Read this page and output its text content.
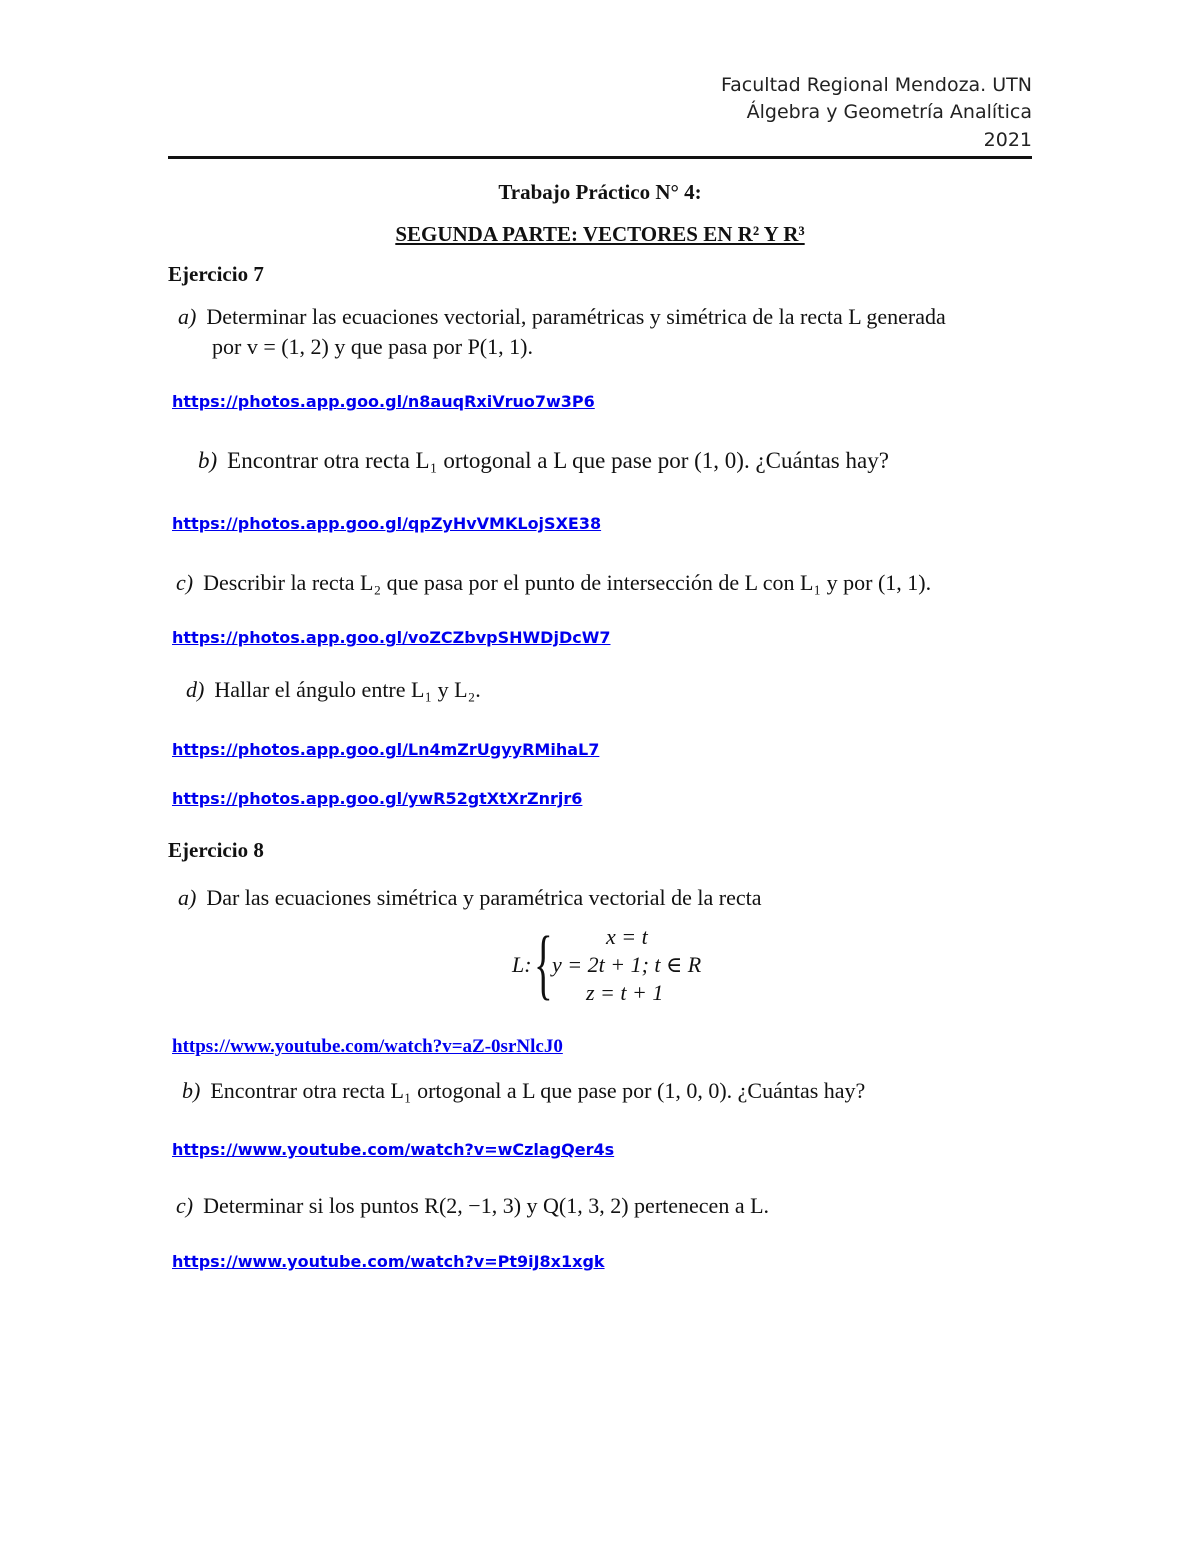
Facultad Regional Mendoza. UTN
Álgebra y Geometría Analítica
2021
Trabajo Práctico N° 4:
SEGUNDA PARTE: VECTORES EN R² Y R³
Ejercicio 7
a) Determinar las ecuaciones vectorial, paramétricas y simétrica de la recta L generada
por v = (1, 2) y que pasa por P(1, 1).
https://photos.app.goo.gl/n8auqRxiVruo7w3P6
b) Encontrar otra recta L₁ ortogonal a L que pase por (1, 0). ¿Cuántas hay?
https://photos.app.goo.gl/qpZyHvVMKLojSXE38
c) Describir la recta L₂ que pasa por el punto de intersección de L con L₁ y por (1, 1).
https://photos.app.goo.gl/voZCZbvpSHWDjDcW7
d) Hallar el ángulo entre L₁ y L₂.
https://photos.app.goo.gl/Ln4mZrUgyyRMihaL7
https://photos.app.goo.gl/ywR52gtXtXrZnrjr6
Ejercicio 8
a) Dar las ecuaciones simétrica y paramétrica vectorial de la recta
L: { x = t
y = 2t + 1; t ∈ R
z = t + 1
https://www.youtube.com/watch?v=aZ-0srNlcJ0
b) Encontrar otra recta L₁ ortogonal a L que pase por (1, 0, 0). ¿Cuántas hay?
https://www.youtube.com/watch?v=wCzlagQer4s
c) Determinar si los puntos R(2, −1, 3) y Q(1, 3, 2) pertenecen a L.
https://www.youtube.com/watch?v=Pt9iJ8x1xgk
